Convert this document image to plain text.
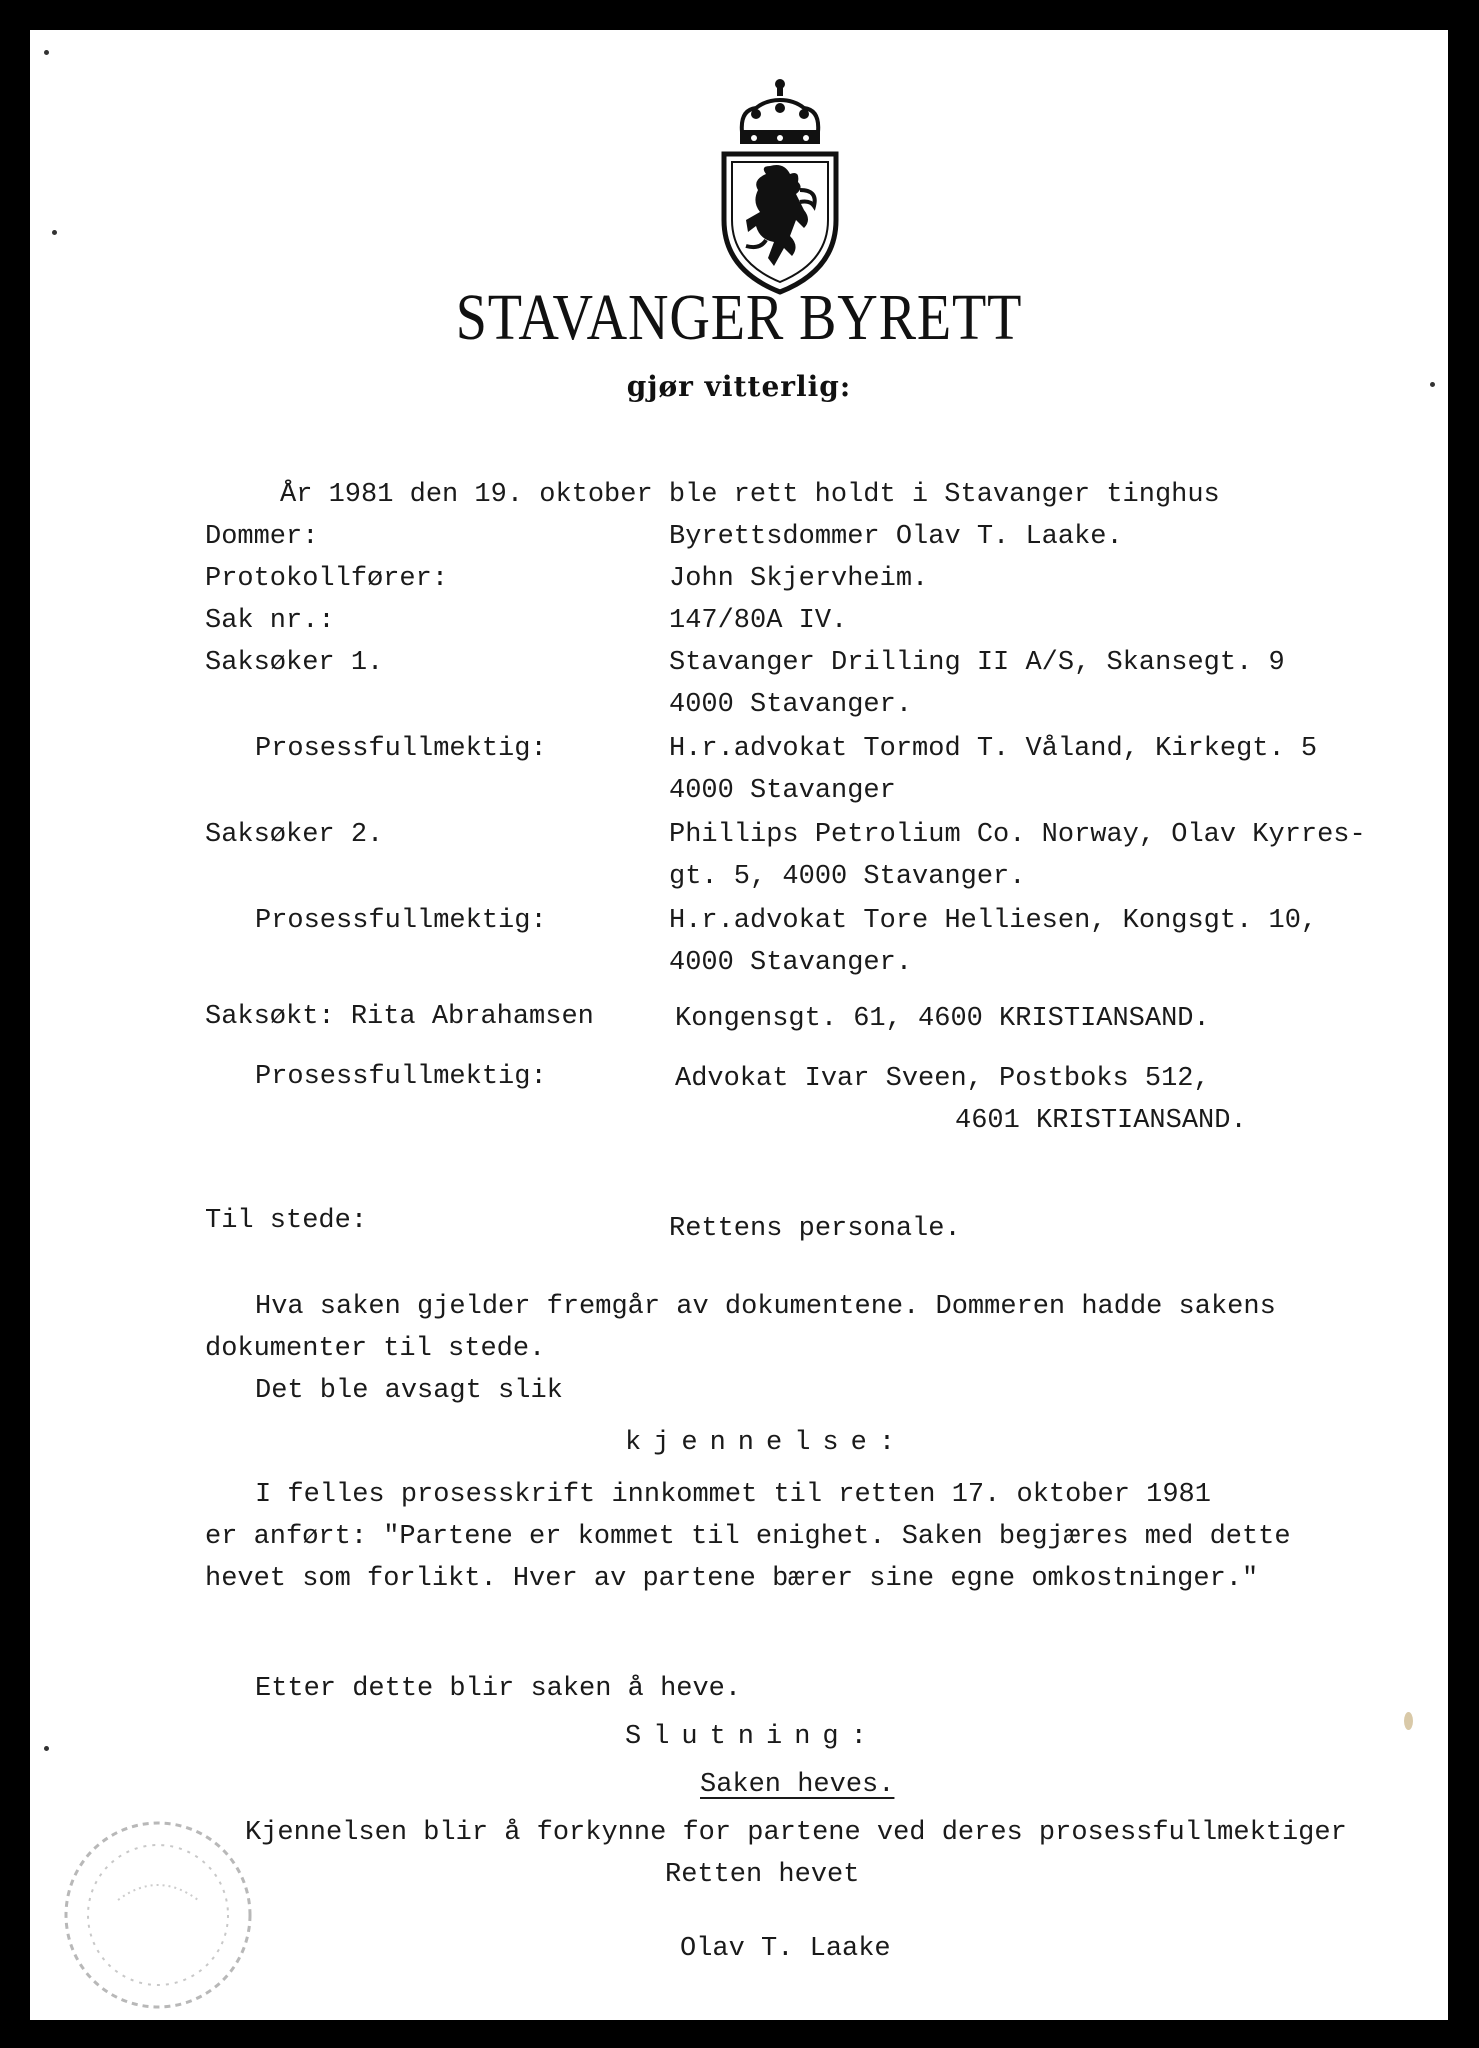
STAVANGER BYRETT
gjør vitterlig:
År 1981 den 19. oktober ble rett holdt i Stavanger tinghus
Dommer:	Byrettsdommer Olav T. Laake.
Protokollfører:	John Skjervheim.
Sak nr.:	147/80A IV.
Saksøker 1.	Stavanger Drilling II A/S, Skansegt. 9
4000 Stavanger.
Prosessfullmektig:	H.r.advokat Tormod T. Våland, Kirkegt. 5
4000 Stavanger
Saksøker 2.	Phillips Petrolium Co. Norway, Olav Kyrres-
gt. 5, 4000 Stavanger.
Prosessfullmektig:	H.r.advokat Tore Helliesen, Kongsgt. 10,
4000 Stavanger.
Saksøkt: Rita Abrahamsen	Kongensgt. 61, 4600 KRISTIANSAND.
Prosessfullmektig:	Advokat Ivar Sveen, Postboks 512,
4601 KRISTIANSAND.
Til stede:	Rettens personale.
Hva saken gjelder fremgår av dokumentene. Dommeren hadde sakens
dokumenter til stede.
Det ble avsagt slik
kjennelse:
I felles prosesskrift innkommet til retten 17. oktober 1981
er anført: "Partene er kommet til enighet. Saken begjæres med dette
hevet som forlikt. Hver av partene bærer sine egne omkostninger."
Etter dette blir saken å heve.
Slutning:
Saken heves.
Kjennelsen blir å forkynne for partene ved deres prosessfullmektiger
Retten hevet
Olav T. Laake
